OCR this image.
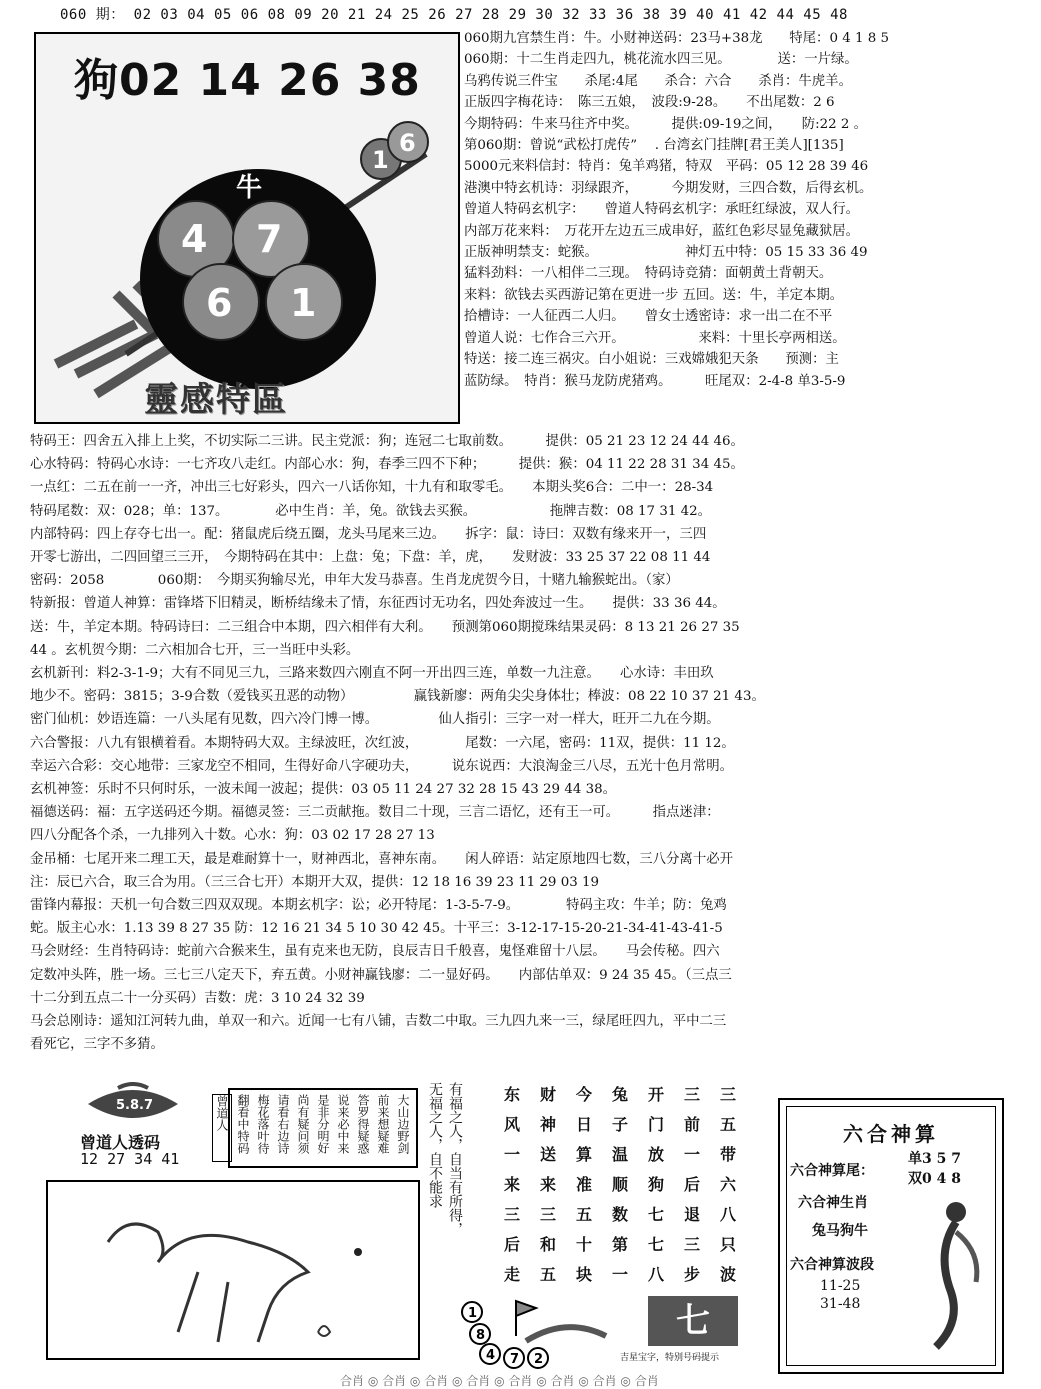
060 期： 02 03 04 05 06 08 09 20 21 24 25 26 27 28 29 30 32 33 36 38 39 40 41 42 44 45 48
狗02 14 26 38
牛
4 7
6 1
1
6
靈感特區
060期九宫禁生肖：牛。小财神送码：23马+38龙　　特尾：0 4 1 8 5
060期：十二生肖走四九，桃花流水四三见。　　　　送：一片绿。
乌鸦传说三件宝　　杀尾:4尾　　杀合：六合　　杀肖：牛虎羊。
正版四字梅花诗：　陈三五娘，　波段:9-28。　　不出尾数：2 6
今期特码：牛来马往齐中奖。　　　提供:09-19之间，　　防:22 2 。
第060期：曾说“武松打虎传”　 . 台湾玄门挂牌[君王美人][135]
5000元来料信封：特肖：兔羊鸡猪，特双　平码：05 12 28 39 46
港澳中特玄机诗：羽绿跟齐，　　　今期发财，三四合数，后得玄机。
曾道人特码玄机字：　　曾道人特码玄机字：承旺红绿波，双人行。
内部万花来料：　万花开左边五三成串好，蓝红色彩尽显兔藏狱居。
正版神明禁支：蛇猴。　　　　　　　神灯五中特：05 15 33 36 49
猛料劲料：一八相伴二三现。　特码诗竞猜：面朝黄土背朝天。
来料：欲钱去买西游记第在更进一步 五回。送：牛，羊定本期。
拾槽诗：一人征西二人归。　　曾女士透密诗：求一出二在不平
曾道人说：七作合三六开。　　　　　　来料：十里长亭两相送。
特送：接二连三祸灾。白小姐说：三戏嫦娥犯天条　　预测：主
蓝防绿。　特肖：猴马龙防虎猪鸡。　　　旺尾双：2-4-8 单3-5-9
特码王：四舍五入排上上奖，不切实际二三讲。民主党派：狗；连冠二七取前数。　　　提供：05 21 23 12 24 44 46。
心水特码：特码心水诗：一七齐攻八走红。内部心水：狗，春季三四不下种；　　　提供：猴：04 11 22 28 31 34 45。
一点红：二五在前一一齐，冲出三七好彩头，四六一八话你知，十九有和取零毛。　　本期头奖6合：二中一：28-34
特码尾数：双：028；单：137。　　　　必中生肖：羊，兔。欲钱去买猴。　　　　　　拖牌吉数：08 17 31 42。
内部特码：四上存夺七出一。配：猪鼠虎后绕五圈，龙头马尾来三边。　　拆字：鼠：诗曰：双数有缘来开一，三四
开零七游出，二四回望三三开，　今期特码在其中：上盘：兔；下盘：羊，虎，　　发财波：33 25 37 22 08 11 44
密码：2058　　　　060期：　今期买狗输尽光，申年大发马恭喜。生肖龙虎贺今日，十赌九输猴蛇出。（家）
特新报：曾道人神算：雷锋塔下旧精灵，断桥结缘未了情，东征西讨无功名，四处奔波过一生。　　提供：33 36 44。
送：牛，羊定本期。特码诗曰：二三组合中本期，四六相伴有大利。　　预测第060期搅珠结果灵码：8 13 21 26 27 35
44 。玄机贺今期：二六相加合七开，三一当旺中头彩。
玄机新刊：料2-3-1-9；大有不同见三九，三路来数四六刚直不阿一开出四三连，单数一九注意。　　心水诗：丰田玖
地少不。密码：3815；3-9合数（爱钱买丑恶的动物）　　　　　赢钱新廖：两角尖尖身体壮；棒波：08 22 10 37 21 43。
密门仙机：妙语连篇：一八头尾有见数，四六冷门博一博。　　　　　仙人指引：三字一对一样大，旺开二九在今期。
六合警报：八九有银横着看。本期特码大双。主绿波旺，次红波，　　　　尾数：一六尾，密码：11双，提供：11 12。
幸运六合彩：交心地带：三家龙空不相同，生得好命八字硬功夫，　　　说东说西：大浪淘金三八尽，五光十色月常明。
玄机神签：乐时不只何时乐，一波未闻一波起；提供：03 05 11 24 27 32 28 15 43 29 44 38。
福德送码：福：五字送码还今期。福德灵签：三二贡献拖。数目二十现，三言二语忆，还有王一可。　　　指点迷津：
四八分配各个杀，一九排列入十数。心水：狗：03 02 17 28 27 13
金吊桶：七尾开来二理工天，最是难耐算十一，财神西北，喜神东南。　　闲人碎语：站定原地四七数，三八分离十必开
注：辰已六合，取三合为用。（三三合七开）本期开大双，提供：12 18 16 39 23 11 29 03 19
雷锋内幕报：天机一句合数三四双双现。本期玄机字：讼；必开特尾：1-3-5-7-9。　　　　特码主攻：牛羊；防：兔鸡
蛇。版主心水：1.13 39 8 27 35 防：12 16 21 34 5 10 30 42 45。十平三：3-12-17-15-20-21-34-41-43-41-5
马会财经：生肖特码诗：蛇前六合猴来生，虽有克来也无防，良辰吉日千般喜，鬼怪难留十八层。　　马会传秘。四六
定数冲头阵，胜一场。三七三八定天下，弃五黄。小财神赢钱廖：二一显好码。　　内部估单双：9 24 35 45。（三点三
十二分到五点二十一分买码）吉数：虎：3 10 24 32 39
马会总刚诗：遥知江河转九曲，单双一和六。近闻一七有八铺，吉数二中取。三九四九来一三，绿尾旺四九，平中二三
看死它，三字不多猜。
5.8.7
曾道人透码
12 27 34 41
大山边野剑
前来想疑难
答罗得疑惑
说来必中来
是非分明好
尚有疑问须
请看右边诗
梅花落叶待
翻看中特码
曾道人	有福之人，自当有所得，
无福之人，自不能求	东	财	今	兔	开	三	三
风	神	日	子	门	前	五
一	送	算	温	放	一	带
来	来	准	顺	狗	后	六
三	三	五	数	七	退	八
后	和	十	第	七	三	只
走	五	块	一	八	步	波
1
8
4 7 2
七
吉星宝字，特别号码提示
六合神算
六合神算尾：
单3 5 7
双0 4 8
六合神生肖
兔马狗牛
六合神算波段
11-25
31-48
合肖 ◎ 合肖 ◎ 合肖 ◎ 合肖 ◎ 合肖 ◎ 合肖 ◎ 合肖 ◎ 合肖
